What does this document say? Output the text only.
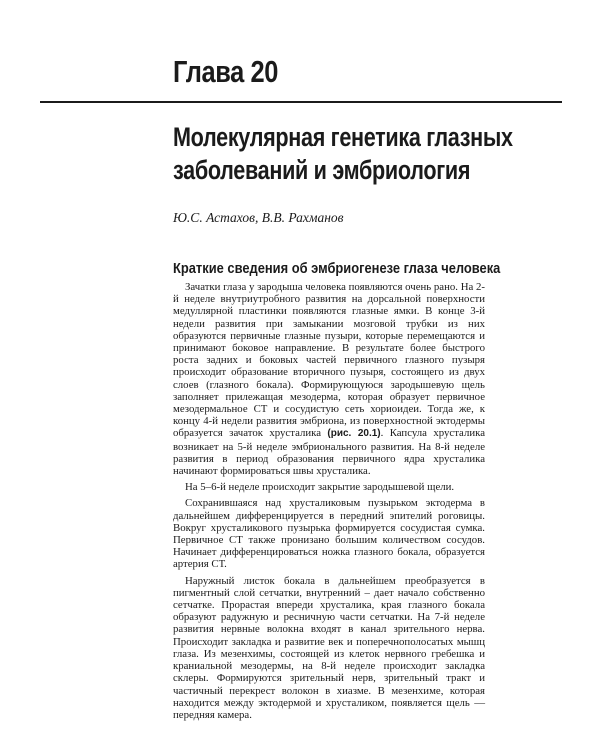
Глава 20
Молекулярная генетика глазных
заболеваний и эмбриология
Ю.С. Астахов, В.В. Рахманов
Краткие сведения об эмбриогенезе глаза человека

Зачатки глаза у зародыша человека появляются очень рано. На 2-й неделе внутриутробного развития на дорсальной поверхности медуллярной пластинки появляются глазные ямки. В конце 3-й недели развития при замыкании мозговой трубки из них образуются первичные глазные пузыри, которые перемещаются и принимают боковое направление. В результате более быстрого роста задних и боковых частей первичного глазного пузыря происходит образование вторичного пузыря, состоящего из двух слоев (глазного бокала). Формирующуюся зародышевую щель заполняет прилежащая мезодерма, которая образует первичное мезодермальное СТ и сосудистую сеть хориоидеи. Тогда же, к концу 4-й недели развития эмбриона, из поверхностной эктодермы образуется зачаток хрусталика (рис. 20.1). Капсула хрусталика возникает на 5-й неделе эмбрионального развития. На 8-й неделе развития в период образования первичного ядра хрусталика начинают формироваться швы хрусталика.

На 5–6-й неделе происходит закрытие зародышевой щели.

Сохранившаяся над хрусталиковым пузырьком эктодерма в дальнейшем дифференцируется в передний эпителий роговицы. Вокруг хрусталикового пузырька формируется сосудистая сумка. Первичное СТ также пронизано большим количеством сосудов. Начинает дифференцироваться ножка глазного бокала, образуется артерия СТ.

Наружный листок бокала в дальнейшем преобразуется в пигментный слой сетчатки, внутренний – дает начало собственно сетчатке. Прорастая впереди хрусталика, края глазного бокала образуют радужную и ресничную части сетчатки. На 7-й неделе развития нервные волокна входят в канал зрительного нерва. Происходит закладка и развитие век и поперечнополосатых мышц глаза. Из мезенхимы, состоящей из клеток нервного гребешка и краниальной мезодермы, на 8-й неделе происходит закладка склеры. Формируются зрительный нерв, зрительный тракт и частичный перекрест волокон в хиазме. В мезенхиме, которая находится между эктодермой и хрусталиком, появляется щель — передняя камера.
